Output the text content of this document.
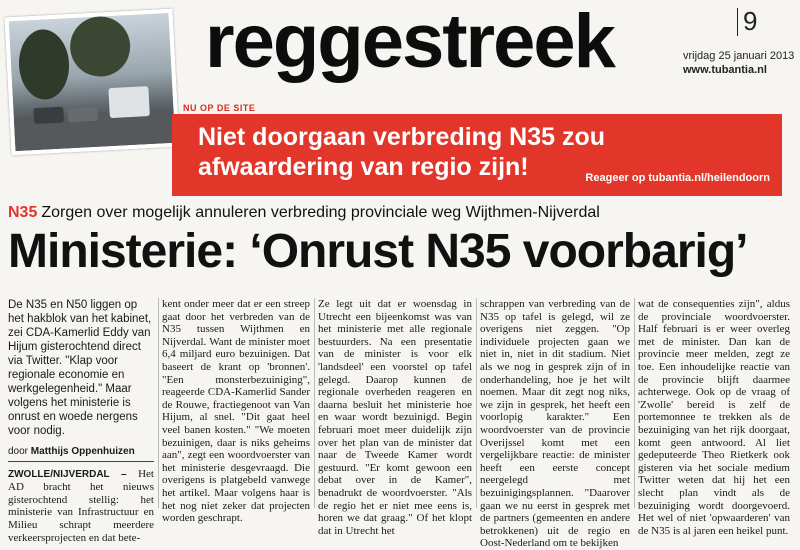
reggestreek	9
vrijdag 25 januari 2013
www.tubantia.nl
NU OP DE SITE
Niet doorgaan verbreding N35 zou afwaardering van regio zijn!	Reageer op tubantia.nl/heilendoorn
N35 Zorgen over mogelijk annuleren verbreding provinciale weg Wijthmen-Nijverdal
Ministerie: ‘Onrust N35 voorbarig’

De N35 en N50 liggen op het hakblok van het kabinet, zei CDA-Kamerlid Eddy van Hijum gisterochtend direct via Twitter. "Klap voor regionale economie en werkgelegenheid." Maar volgens het ministerie is onrust en woede nergens voor nodig.

door Matthijs Oppenhuizen

ZWOLLE/NIJVERDAL – Het AD bracht het nieuws gisterochtend stellig: het ministerie van Infrastructuur en Milieu schrapt meerdere verkeersprojecten en dat bete-

kent onder meer dat er een streep gaat door het verbreden van de N35 tussen Wijthmen en Nijverdal. Want de minister moet 6,4 miljard euro bezuinigen. Dat baseert de krant op 'bronnen'. "Een monsterbezuiniging", reageerde CDA-Kamerlid Sander de Rouwe, fractiegenoot van Van Hijum, al snel. "Dit gaat heel veel banen kosten." "We moeten bezuinigen, daar is niks geheims aan", zegt een woordvoerster van het ministerie desgevraagd. Die overigens is platgebeld vanwege het artikel. Maar volgens haar is het nog niet zeker dat projecten worden geschrapt.

Ze legt uit dat er woensdag in Utrecht een bijeenkomst was van het ministerie met alle regionale bestuurders. Na een presentatie van de minister is voor elk 'landsdeel' een voorstel op tafel gelegd. Daarop kunnen de regionale overheden reageren en daarna besluit het ministerie hoe en waar wordt bezuinigd. Begin februari moet meer duidelijk zijn over het plan van de minister dat naar de Tweede Kamer wordt gestuurd. "Er komt gewoon een debat over in de Kamer", benadrukt de woordvoerster. "Als de regio het er niet mee eens is, horen we dat graag." Of het klopt dat in Utrecht het

schrappen van verbreding van de N35 op tafel is gelegd, wil ze overigens niet zeggen. "Op individuele projecten gaan we niet in, niet in dit stadium. Niet als we nog in gesprek zijn of in onderhandeling, hoe je het wilt noemen. Maar dit zegt nog niks, we zijn in gesprek, het heeft een voorlopig karakter." Een woordvoerster van de provincie Overijssel komt met een vergelijkbare reactie: de minister heeft een eerste concept neergelegd met bezuinigingsplannen. "Daarover gaan we nu eerst in gesprek met de partners (gemeenten en andere betrokkenen) uit de regio en Oost-Nederland om te bekijken

wat de consequenties zijn", aldus de provinciale woordvoerster. Half februari is er weer overleg met de minister. Dan kan de provincie meer melden, zegt ze toe. Een inhoudelijke reactie van de provincie blijft daarmee achterwege. Ook op de vraag of 'Zwolle' bereid is zelf de portemonnee te trekken als de bezuiniging van het rijk doorgaat, komt geen antwoord. Al liet gedeputeerde Theo Rietkerk ook gisteren via het sociale medium Twitter weten dat hij het een slecht plan vindt als de bezuiniging wordt doorgevoerd. Het wel of niet 'opwaarderen' van de N35 is al jaren een heikel punt.
